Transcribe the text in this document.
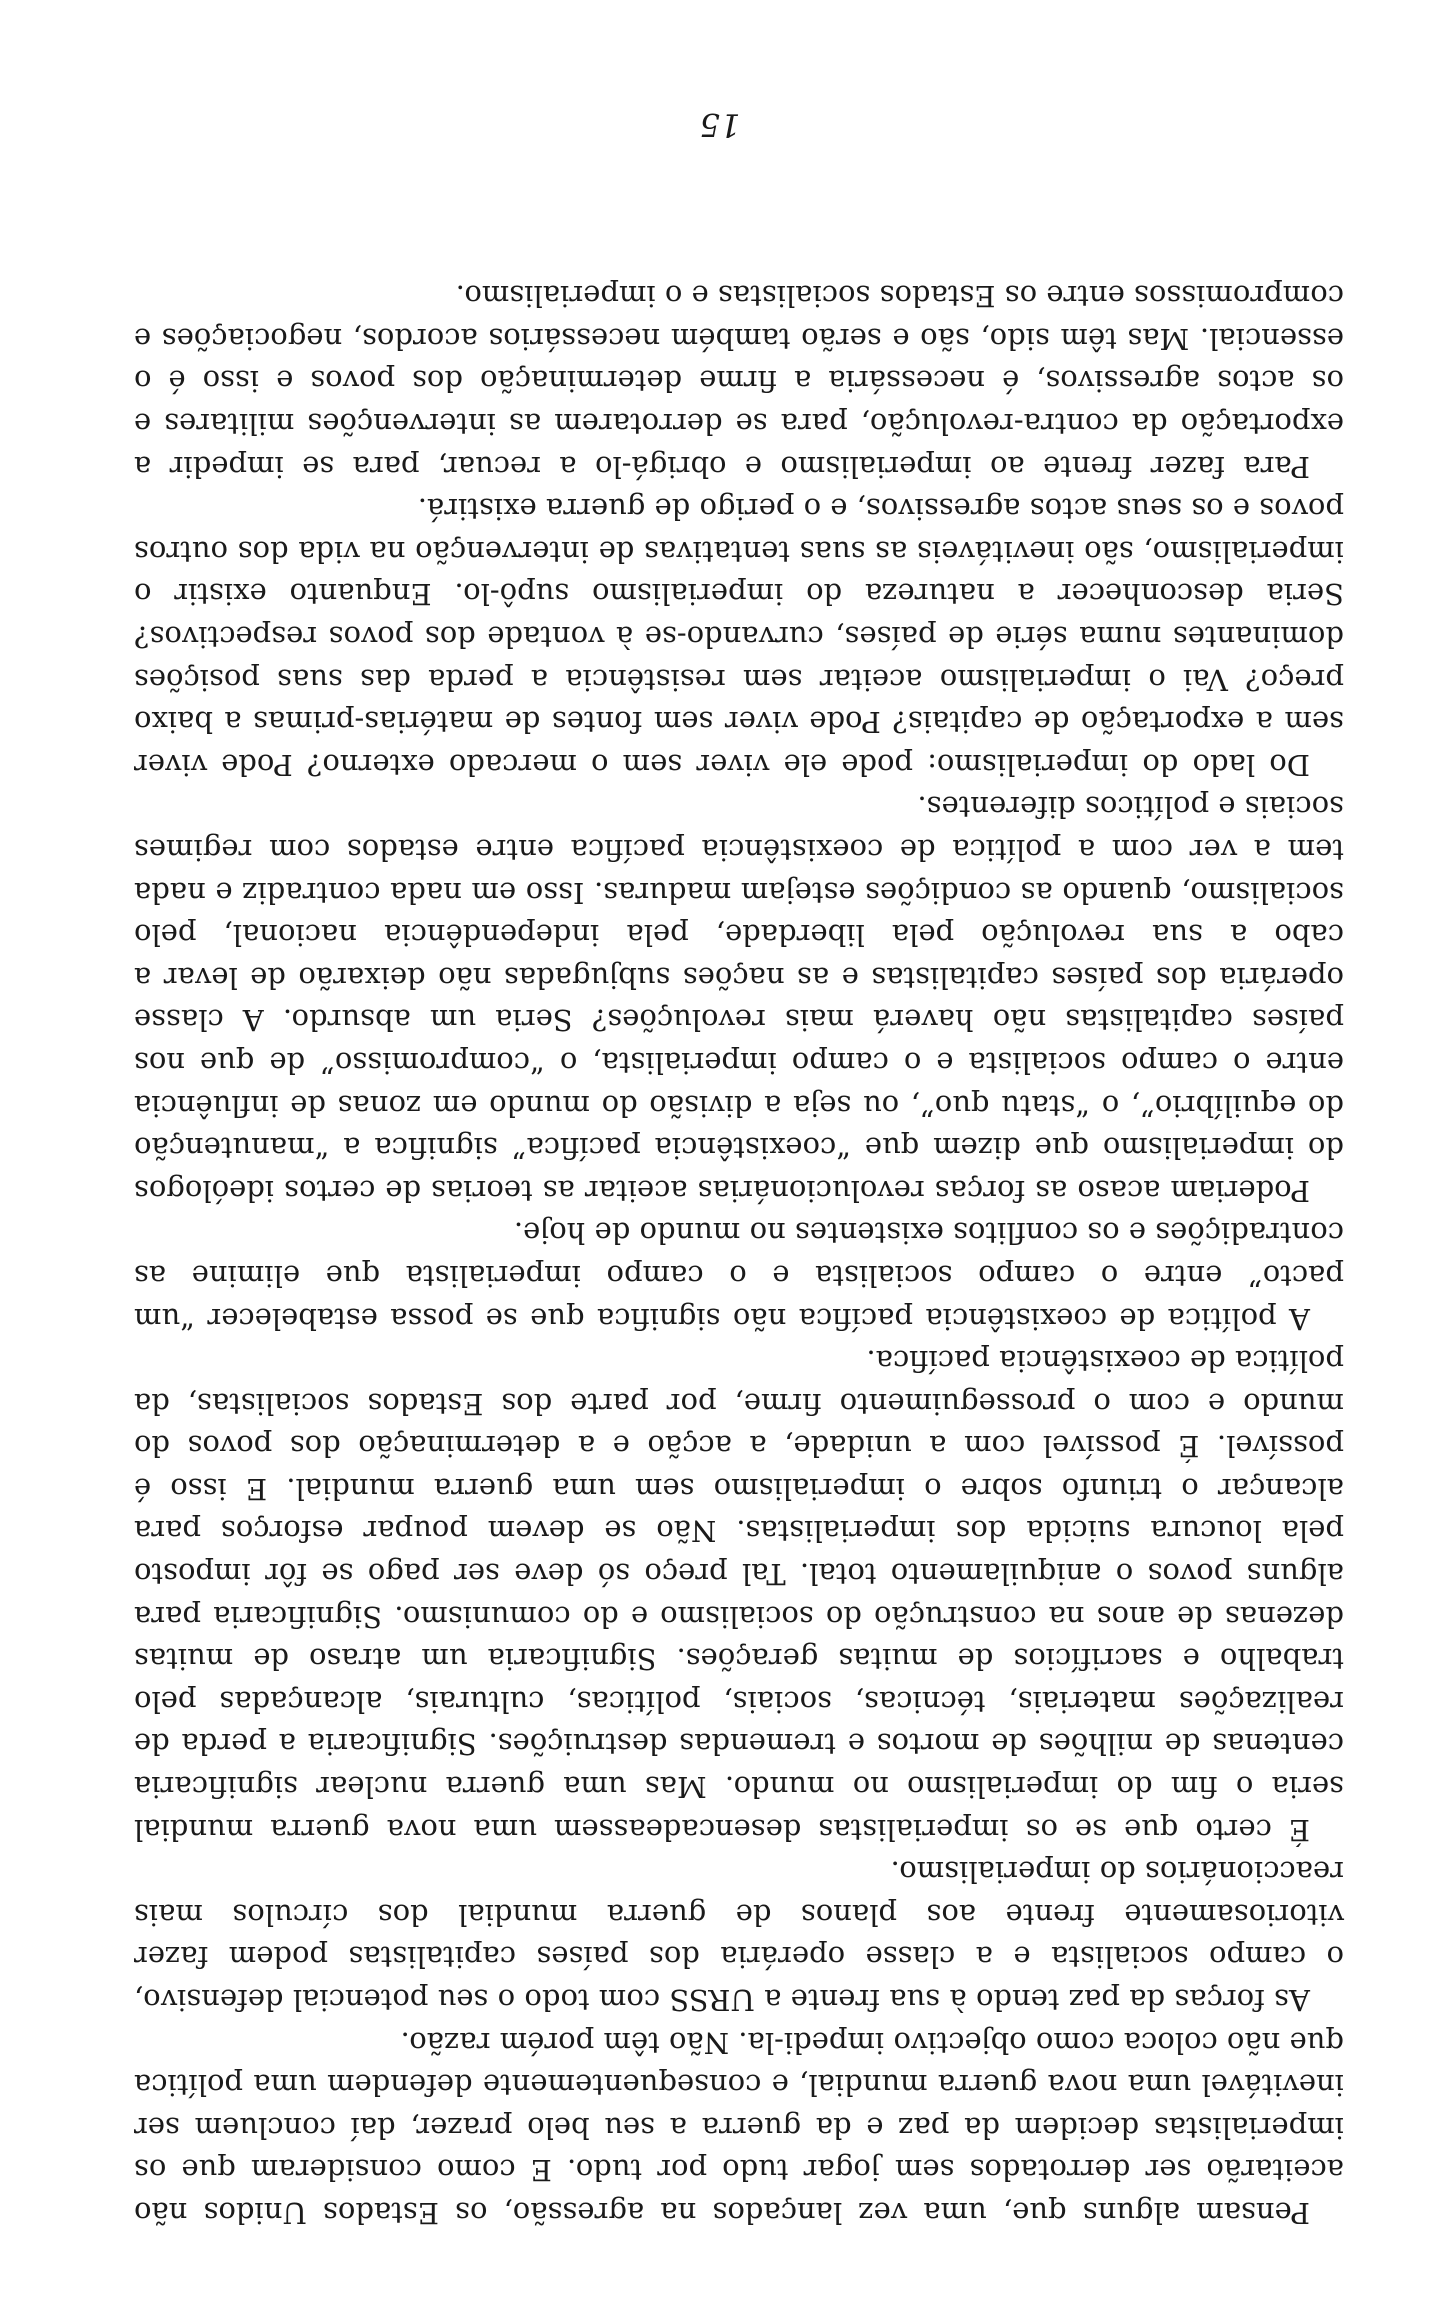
Pensam alguns que, uma vez lançados na agressão, os Estados Unidos não aceitarão ser derrotados sem jogar tudo por tudo. E como consideram que os imperialistas decidem da paz e da guerra a seu belo prazer, daí concluem ser inevitável uma nova guerra mundial, e consequentemente defendem uma política que não coloca como objectivo impedi-la. Não têm porém razão.

As forças da paz tendo à sua frente a URSS com todo o seu potencial defensivo, o campo socialista e a classe operária dos países capitalistas podem fazer vitoriosamente frente aos planos de guerra mundial dos círculos mais reaccionários do imperialismo.

É certo que se os imperialistas desencadeassem uma nova guerra mundial seria o fim do imperialismo no mundo. Mas uma guerra nuclear significaria centenas de milhões de mortos e tremendas destruições. Significaria a perda de realizações materiais, técnicas, sociais, políticas, culturais, alcançadas pelo trabalho e sacrifícios de muitas gerações. Significaria um atraso de muitas dezenas de anos na construção do socialismo e do comunismo. Significaria para alguns povos o aniquilamento total. Tal preço só deve ser pago se fôr imposto pela loucura suicida dos imperialistas. Não se devem poupar esforços para alcançar o triunfo sobre o imperialismo sem uma guerra mundial. E isso é possível. É possível com a unidade, a acção e a determinação dos povos do mundo e com o prosseguimento firme, por parte dos Estados socialistas, da política de coexistência pacífica.

A política de coexistência pacífica não significa que se possa estabelecer “um pacto” entre o campo socialista e o campo imperialista que elimine as contradições e os conflitos existentes no mundo de hoje.

Poderiam acaso as forças revolucionárias aceitar as teorias de certos ideólogos do imperialismo que dizem que “coexistência pacífica” significa a “manutenção do equilíbrio”, o “statu quo”, ou seja a divisão do mundo em zonas de influência entre o campo socialista e o campo imperialista, o “compromisso” de que nos países capitalistas não haverá mais revoluções? Seria um absurdo. A classe operária dos países capitalistas e as nações subjugadas não deixarão de levar a cabo a sua revolução pela liberdade, pela independência nacional, pelo socialismo, quando as condições estejam maduras. Isso em nada contradiz e nada tem a ver com a política de coexistência pacífica entre estados com regimes sociais e políticos diferentes.

Do lado do imperialismo: pode ele viver sem o mercado externo? Pode viver sem a exportação de capitais? Pode viver sem fontes de matérias-primas a baixo preço? Vai o imperialismo aceitar sem resistência a perda das suas posições dominantes numa série de países, curvando-se à vontade dos povos respectivos? Seria desconhecer a natureza do imperialismo supô-lo. Enquanto existir o imperialismo, são inevitáveis as suas tentativas de intervenção na vida dos outros povos e os seus actos agressivos, e o perigo de guerra existirá.

Para fazer frente ao imperialismo e obrigá-lo a recuar, para se impedir a exportação da contra-revolução, para se derrotarem as intervenções militares e os actos agressivos, é necessária a firme determinação dos povos e isso é o essencial. Mas têm sido, são e serão também necessários acordos, negociações e compromissos entre os Estados socialistas e o imperialismo.

15
